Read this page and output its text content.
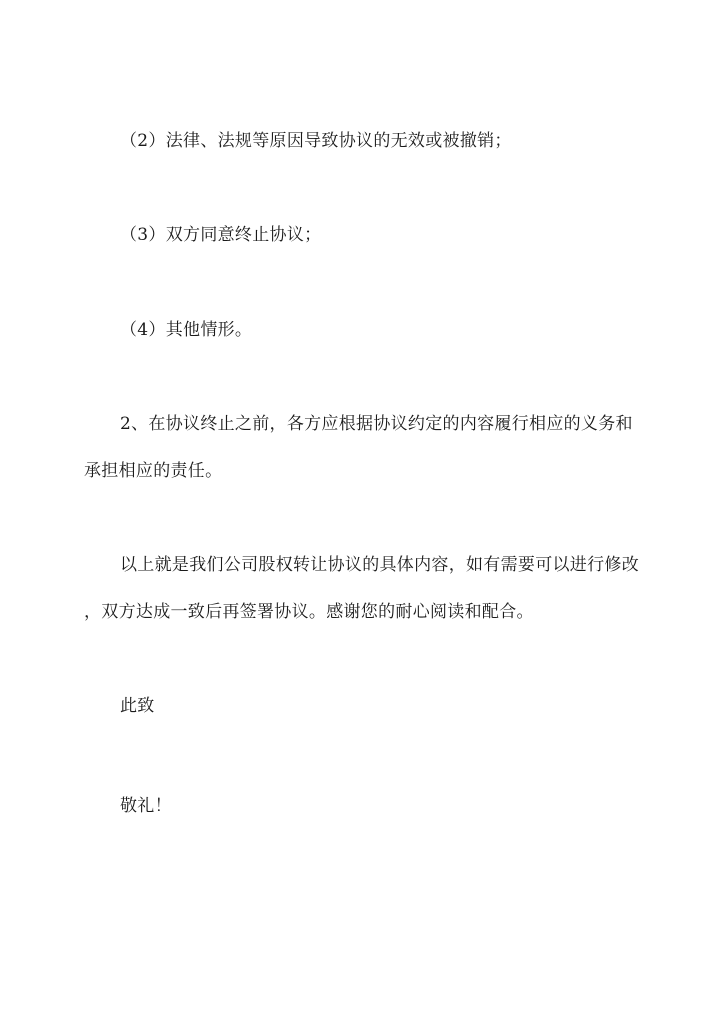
（2）法律、法规等原因导致协议的无效或被撤销；
（3）双方同意终止协议；
（4）其他情形。
2、在协议终止之前，各方应根据协议约定的内容履行相应的义务和
承担相应的责任。
以上就是我们公司股权转让协议的具体内容，如有需要可以进行修改
，双方达成一致后再签署协议。感谢您的耐心阅读和配合。
此致
敬礼！
